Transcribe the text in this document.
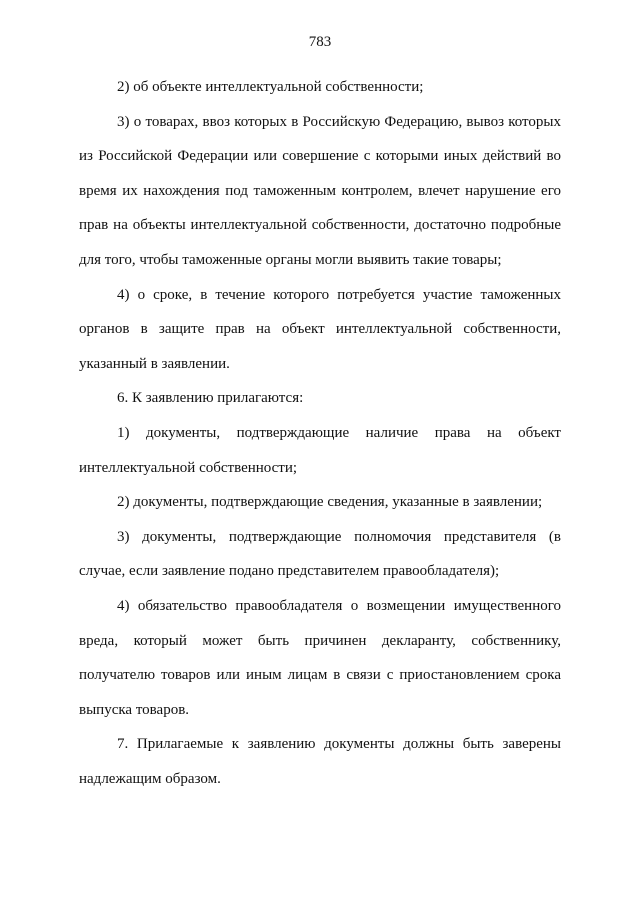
783

2) об объекте интеллектуальной собственности;

3) о товарах, ввоз которых в Российскую Федерацию, вывоз которых из Российской Федерации или совершение с которыми иных действий во время их нахождения под таможенным контролем, влечет нарушение его прав на объекты интеллектуальной собственности, достаточно подробные для того, чтобы таможенные органы могли выявить такие товары;

4) о сроке, в течение которого потребуется участие таможенных органов в защите прав на объект интеллектуальной собственности, указанный в заявлении.

6. К заявлению прилагаются:

1) документы, подтверждающие наличие права на объект интеллектуальной собственности;

2) документы, подтверждающие сведения, указанные в заявлении;

3) документы, подтверждающие полномочия представителя (в случае, если заявление подано представителем правообладателя);

4) обязательство правообладателя о возмещении имущественного вреда, который может быть причинен декларанту, собственнику, получателю товаров или иным лицам в связи с приостановлением срока выпуска товаров.

7. Прилагаемые к заявлению документы должны быть заверены надлежащим образом.
